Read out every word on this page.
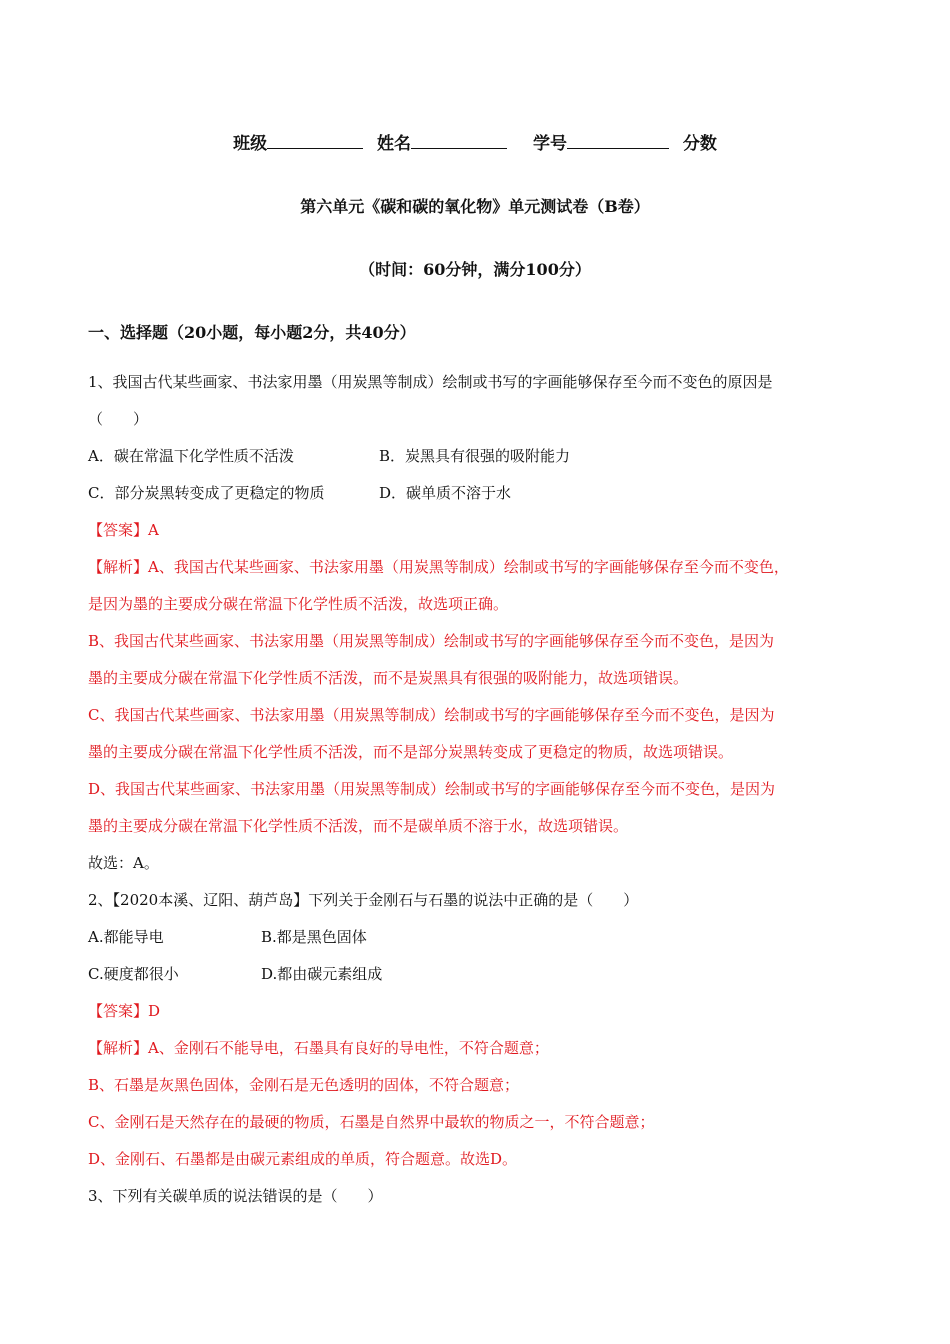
班级	姓名	学号	分数
第六单元《碳和碳的氧化物》单元测试卷（B卷）
（时间：60分钟，满分100分）
一、选择题（20小题，每小题2分，共40分）
1、我国古代某些画家、书法家用墨（用炭黑等制成）绘制或书写的字画能够保存至今而不变色的原因是
（　　）
A．碳在常温下化学性质不活泼	B．炭黑具有很强的吸附能力
C．部分炭黑转变成了更稳定的物质	D．碳单质不溶于水
【答案】A
【解析】A、我国古代某些画家、书法家用墨（用炭黑等制成）绘制或书写的字画能够保存至今而不变色，
是因为墨的主要成分碳在常温下化学性质不活泼，故选项正确。
B、我国古代某些画家、书法家用墨（用炭黑等制成）绘制或书写的字画能够保存至今而不变色，是因为
墨的主要成分碳在常温下化学性质不活泼，而不是炭黑具有很强的吸附能力，故选项错误。
C、我国古代某些画家、书法家用墨（用炭黑等制成）绘制或书写的字画能够保存至今而不变色，是因为
墨的主要成分碳在常温下化学性质不活泼，而不是部分炭黑转变成了更稳定的物质，故选项错误。
D、我国古代某些画家、书法家用墨（用炭黑等制成）绘制或书写的字画能够保存至今而不变色，是因为
墨的主要成分碳在常温下化学性质不活泼，而不是碳单质不溶于水，故选项错误。
故选：A。
2、【2020本溪、辽阳、葫芦岛】下列关于金刚石与石墨的说法中正确的是（　　）
A.都能导电	B.都是黑色固体
C.硬度都很小	D.都由碳元素组成
【答案】D
【解析】A、金刚石不能导电，石墨具有良好的导电性，不符合题意；
B、石墨是灰黑色固体，金刚石是无色透明的固体，不符合题意；
C、金刚石是天然存在的最硬的物质，石墨是自然界中最软的物质之一，不符合题意；
D、金刚石、石墨都是由碳元素组成的单质，符合题意。故选D。
3、下列有关碳单质的说法错误的是（　　）
